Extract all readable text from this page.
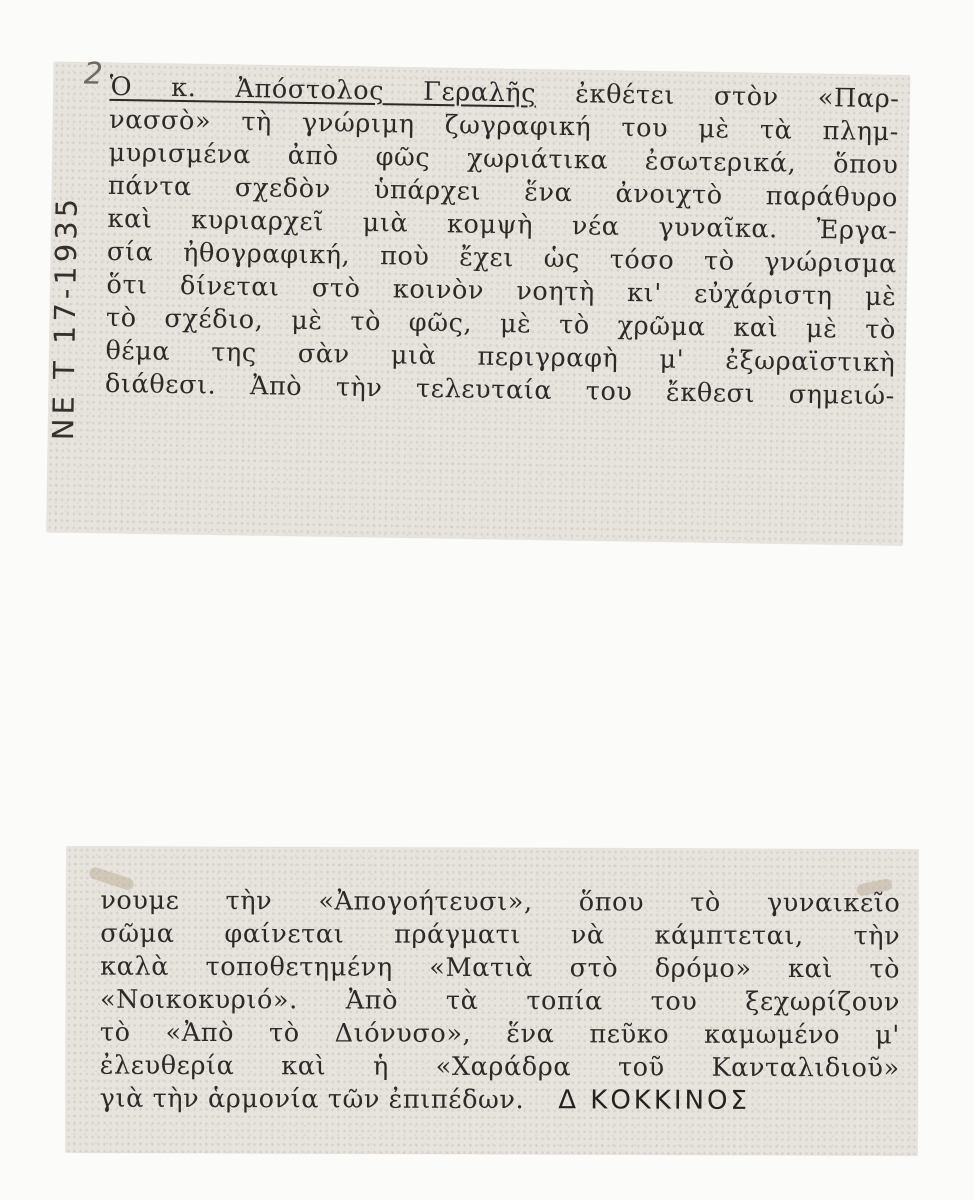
2
ΝΕ Τ 17-1935
Ὁ κ. Ἀπόστολος Γεραλῆς ἐκθέτει στὸν «Παρ-
νασσὸ» τὴ γνώριμη ζωγραφική του μὲ τὰ πλημ-
μυρισμένα ἀπὸ φῶς χωριάτικα ἐσωτερικά, ὅπου
πάντα σχεδὸν ὑπάρχει ἕνα ἀνοιχτὸ παράθυρο
καὶ κυριαρχεῖ μιὰ κομψὴ νέα γυναῖκα. Ἐργα-
σία ἠθογραφική, ποὺ ἔχει ὡς τόσο τὸ γνώρισμα
ὅτι δίνεται στὸ κοινὸν νοητὴ κι' εὐχάριστη μὲ
τὸ σχέδιο, μὲ τὸ φῶς, μὲ τὸ χρῶμα καὶ μὲ τὸ
θέμα της σὰν μιὰ περιγραφὴ μ' ἐξωραϊστικὴ
διάθεσι. Ἀπὸ τὴν τελευταία του ἔκθεσι σημειώ-
νουμε τὴν «Ἀπογοήτευσι», ὅπου τὸ γυναικεῖο
σῶμα φαίνεται πράγματι νὰ κάμπτεται, τὴν
καλὰ τοποθετημένη «Ματιὰ στὸ δρόμο» καὶ τὸ
«Νοικοκυριό». Ἀπὸ τὰ τοπία του ξεχωρίζουν
τὸ «Ἀπὸ τὸ Διόνυσο», ἕνα πεῦκο καμωμένο μ'
ἐλευθερία καὶ ἡ «Χαράδρα τοῦ Κανταλιδιοῦ»
γιὰ τὴν ἁρμονία τῶν ἐπιπέδων. Δ ΚΟΚΚΙΝΟΣ
